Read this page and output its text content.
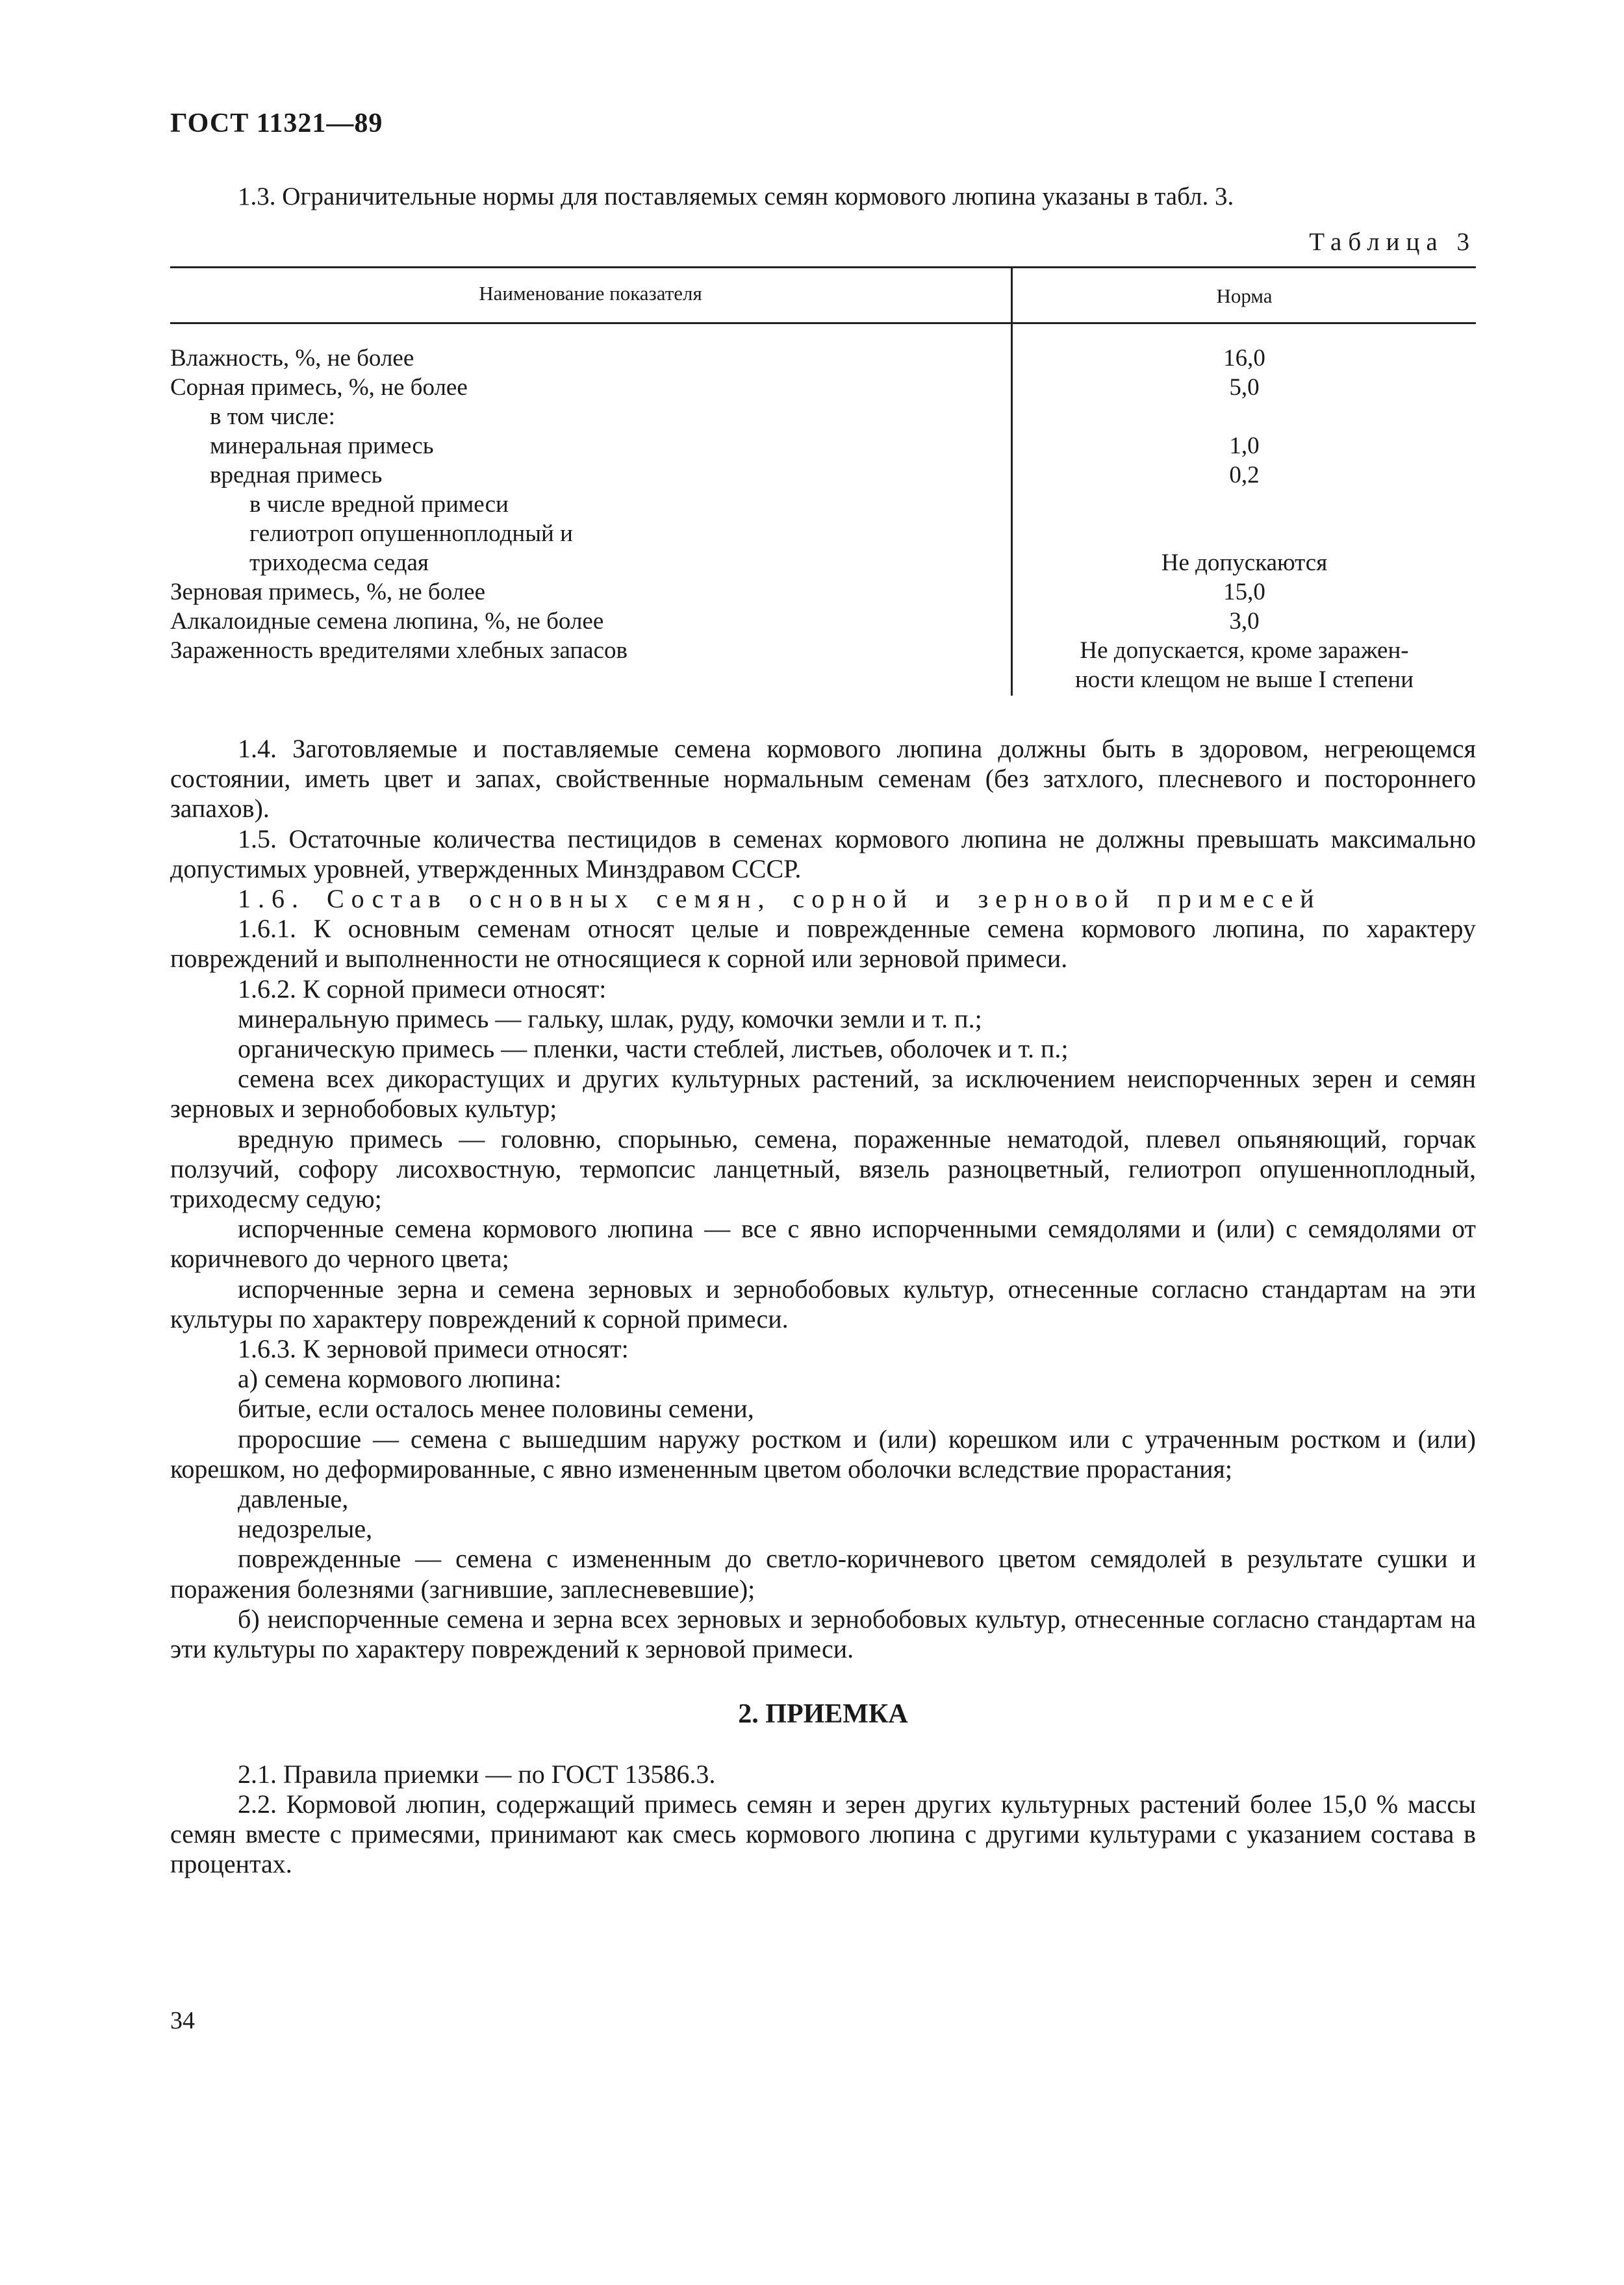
ГОСТ 11321—89
1.3. Ограничительные нормы для поставляемых семян кормового люпина указаны в табл. 3.
Таблица 3
Наименование показателя	Норма
Влажность, %, не более	16,0
Сорная примесь, %, не более	5,0
в том числе:
минеральная примесь	1,0
вредная примесь	0,2
в числе вредной примеси
гелиотроп опушенноплодный и
триходесма седая	Не допускаются
Зерновая примесь, %, не более	15,0
Алкалоидные семена люпина, %, не более	3,0
Зараженность вредителями хлебных запасов	Не допускается, кроме заражен-
ности клещом не выше I степени

1.4. Заготовляемые и поставляемые семена кормового люпина должны быть в здоровом, негреющемся состоянии, иметь цвет и запах, свойственные нормальным семенам (без затхлого, плесневого и постороннего запахов).

1.5. Остаточные количества пестицидов в семенах кормового люпина не должны превышать максимально допустимых уровней, утвержденных Минздравом СССР.

1.6. Состав основных семян, сорной и зерновой примесей

1.6.1. К основным семенам относят целые и поврежденные семена кормового люпина, по характеру повреждений и выполненности не относящиеся к сорной или зерновой примеси.

1.6.2. К сорной примеси относят:

минеральную примесь — гальку, шлак, руду, комочки земли и т. п.;

органическую примесь — пленки, части стеблей, листьев, оболочек и т. п.;

семена всех дикорастущих и других культурных растений, за исключением неиспорченных зерен и семян зерновых и зернобобовых культур;

вредную примесь — головню, спорынью, семена, пораженные нематодой, плевел опьяняющий, горчак ползучий, софору лисохвостную, термопсис ланцетный, вязель разноцветный, гелиотроп опушенноплодный, триходесму седую;

испорченные семена кормового люпина — все с явно испорченными семядолями и (или) с семядолями от коричневого до черного цвета;

испорченные зерна и семена зерновых и зернобобовых культур, отнесенные согласно стандартам на эти культуры по характеру повреждений к сорной примеси.

1.6.3. К зерновой примеси относят:

а) семена кормового люпина:

битые, если осталось менее половины семени,

проросшие — семена с вышедшим наружу ростком и (или) корешком или с утраченным ростком и (или) корешком, но деформированные, с явно измененным цветом оболочки вследствие прорастания;

давленые,

недозрелые,

поврежденные — семена с измененным до светло-коричневого цветом семядолей в результате сушки и поражения болезнями (загнившие, заплесневевшие);

б) неиспорченные семена и зерна всех зерновых и зернобобовых культур, отнесенные согласно стандартам на эти культуры по характеру повреждений к зерновой примеси.

2. ПРИЕМКА

2.1. Правила приемки — по ГОСТ 13586.3.

2.2. Кормовой люпин, содержащий примесь семян и зерен других культурных растений более 15,0 % массы семян вместе с примесями, принимают как смесь кормового люпина с другими культурами с указанием состава в процентах.

34
